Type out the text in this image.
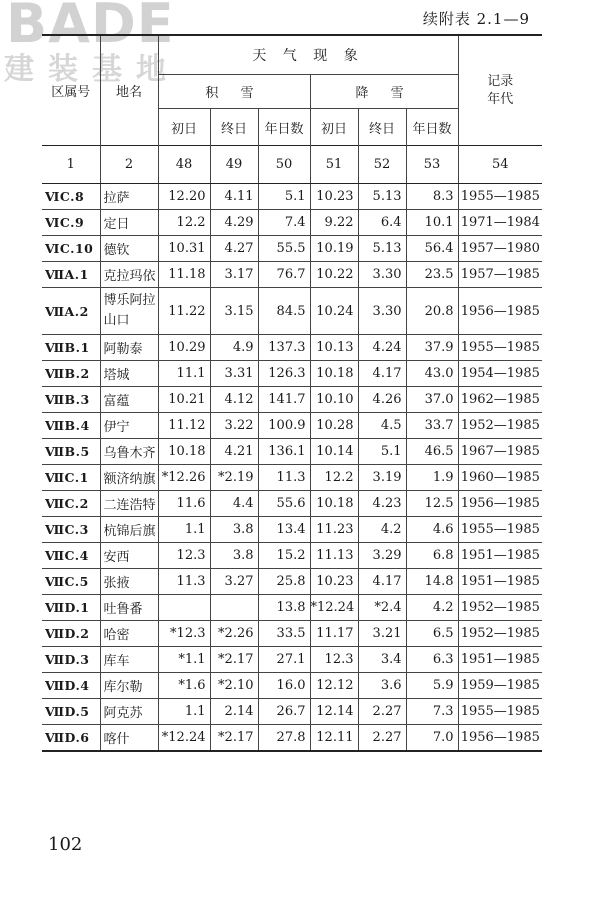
BADE
建装基地
续附表 2.1—9
区属号	地名	天 气 现 象						记录
年代
		积 雪			降 雪			
		初日	终日	年日数	初日	终日	年日数	
1	2	48	49	50	51	52	53	54
ⅥC.8	拉萨	12.20	4.11	5.1	10.23	5.13	8.3	1955—1985
ⅥC.9	定日	12.2	4.29	7.4	9.22	6.4	10.1	1971—1984
ⅥC.10	德钦	10.31	4.27	55.5	10.19	5.13	56.4	1957—1980
ⅦA.1	克拉玛依	11.18	3.17	76.7	10.22	3.30	23.5	1957—1985
ⅦA.2	博乐阿拉山口	11.22	3.15	84.5	10.24	3.30	20.8	1956—1985
ⅦB.1	阿勒泰	10.29	4.9	137.3	10.13	4.24	37.9	1955—1985
ⅦB.2	塔城	11.1	3.31	126.3	10.18	4.17	43.0	1954—1985
ⅦB.3	富蕴	10.21	4.12	141.7	10.10	4.26	37.0	1962—1985
ⅦB.4	伊宁	11.12	3.22	100.9	10.28	4.5	33.7	1952—1985
ⅦB.5	乌鲁木齐	10.18	4.21	136.1	10.14	5.1	46.5	1967—1985
ⅦC.1	额济纳旗	*12.26	*2.19	11.3	12.2	3.19	1.9	1960—1985
ⅦC.2	二连浩特	11.6	4.4	55.6	10.18	4.23	12.5	1956—1985
ⅦC.3	杭锦后旗	1.1	3.8	13.4	11.23	4.2	4.6	1955—1985
ⅦC.4	安西	12.3	3.8	15.2	11.13	3.29	6.8	1951—1985
ⅦC.5	张掖	11.3	3.27	25.8	10.23	4.17	14.8	1951—1985
ⅦD.1	吐鲁番			13.8	*12.24	*2.4	4.2	1952—1985
ⅦD.2	哈密	*12.3	*2.26	33.5	11.17	3.21	6.5	1952—1985
ⅦD.3	库车	*1.1	*2.17	27.1	12.3	3.4	6.3	1951—1985
ⅦD.4	库尔勒	*1.6	*2.10	16.0	12.12	3.6	5.9	1959—1985
ⅦD.5	阿克苏	1.1	2.14	26.7	12.14	2.27	7.3	1955—1985
ⅦD.6	喀什	*12.24	*2.17	27.8	12.11	2.27	7.0	1956—1985
102
